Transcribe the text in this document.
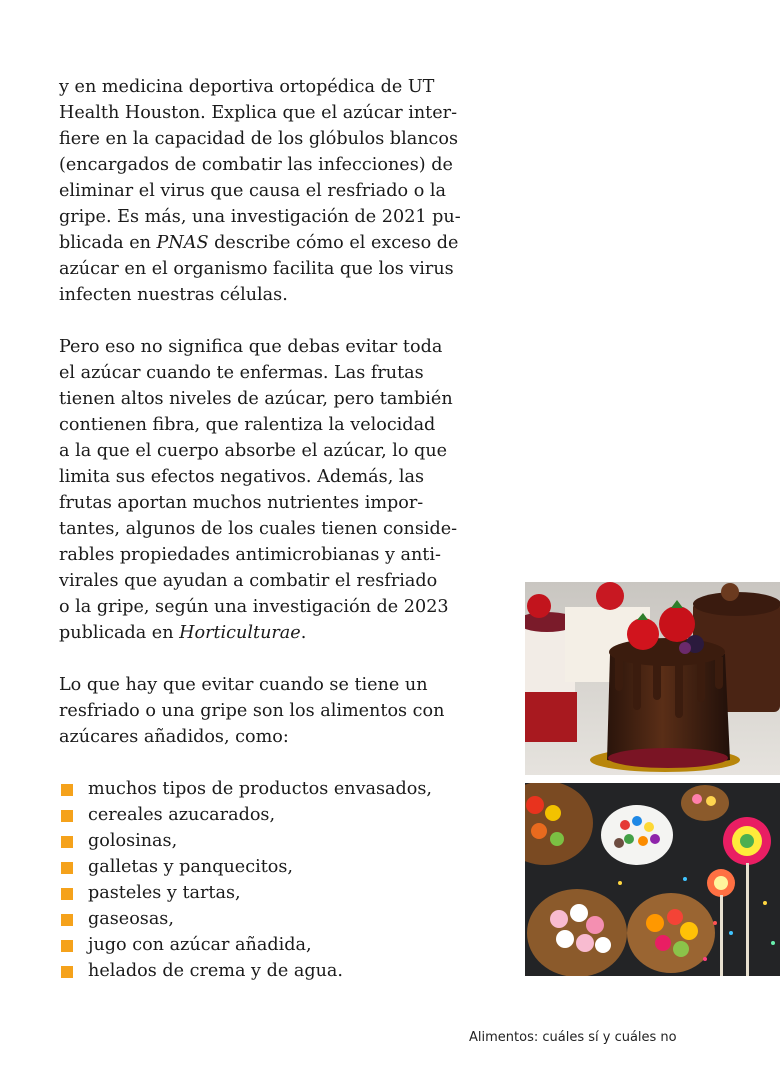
y en medicina deportiva ortopédica de UT
Health Houston. Explica que el azúcar inter-
fiere en la capacidad de los glóbulos blancos
(encargados de combatir las infecciones) de
eliminar el virus que causa el resfriado o la
gripe. Es más, una investigación de 2021 pu-
blicada en PNAS describe cómo el exceso de
azúcar en el organismo facilita que los virus
infecten nuestras células.

Pero eso no significa que debas evitar toda
el azúcar cuando te enfermas. Las frutas
tienen altos niveles de azúcar, pero también
contienen fibra, que ralentiza la velocidad
a la que el cuerpo absorbe el azúcar, lo que
limita sus efectos negativos. Además, las
frutas aportan muchos nutrientes impor-
tantes, algunos de los cuales tienen conside-
rables propiedades antimicrobianas y anti-
virales que ayudan a combatir el resfriado
o la gripe, según una investigación de 2023
publicada en Horticulturae.

Lo que hay que evitar cuando se tiene un
resfriado o una gripe son los alimentos con
azúcares añadidos, como:

muchos tipos de productos envasados,
cereales azucarados,
golosinas,
galletas y panquecitos,
pasteles y tartas,
gaseosas,
jugo con azúcar añadida,
helados de crema y de agua.
Alimentos: cuáles sí y cuáles no
